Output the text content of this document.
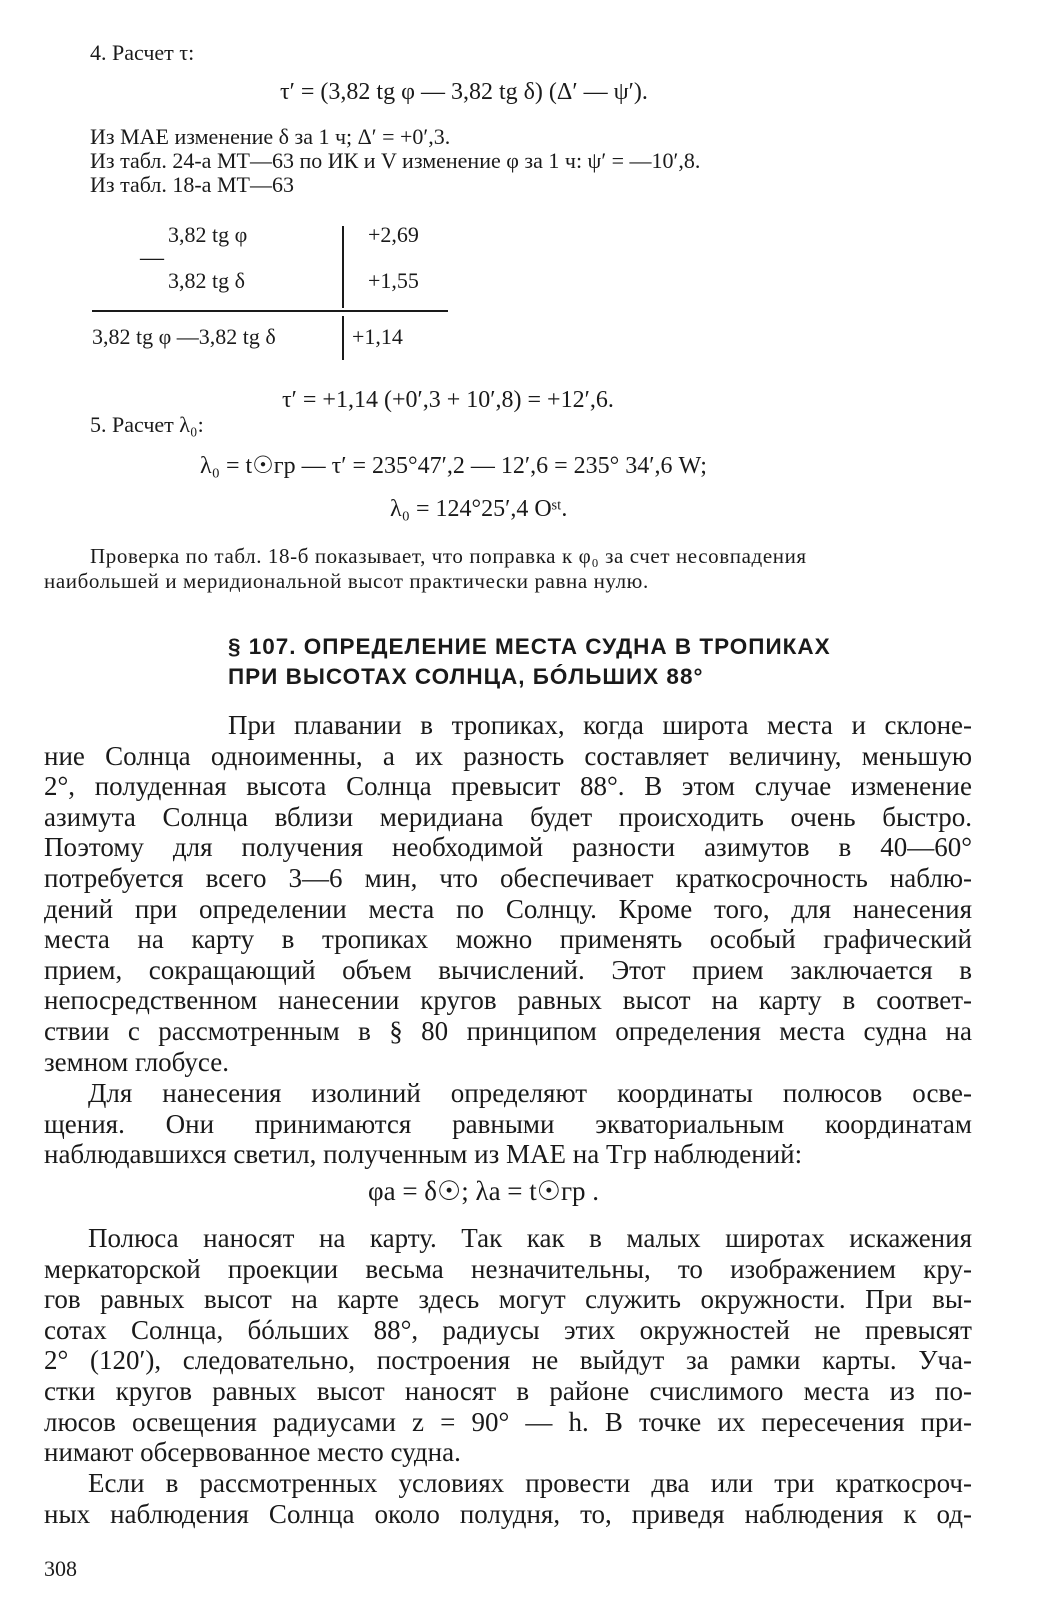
4. Расчет τ:
τ′ = (3,82 tg φ — 3,82 tg δ) (Δ′ — ψ′).
Из МАЕ изменение δ за 1 ч; Δ′ = +0′,3.
Из табл. 24-а МТ—63 по ИК и V изменение φ за 1 ч: ψ′ = —10′,8.
Из табл. 18-а МТ—63
3,82 tg φ	+2,69
—
3,82 tg δ	+1,55
3,82 tg φ —3,82 tg δ	+1,14
τ′ = +1,14 (+0′,3 + 10′,8) = +12′,6.
5. Расчет λ₀:
λ₀ = t☉гр — τ′ = 235°47′,2 — 12′,6 = 235° 34′,6 W;
λ₀ = 124°25′,4 Oˢᵗ.
Проверка по табл. 18-б показывает, что поправка к φ₀ за счет несовпадения
наибольшей и меридиональной высот практически равна нулю.
§ 107. ОПРЕДЕЛЕНИЕ МЕСТА СУДНА В ТРОПИКАХ
ПРИ ВЫСОТАХ СОЛНЦА, БÓЛЬШИХ 88°
При плавании в тропиках, когда широта места и склоне-
ние Солнца одноименны, а их разность составляет величину, меньшую
2°, полуденная высота Солнца превысит 88°. В этом случае изменение
азимута Солнца вблизи меридиана будет происходить очень быстро.
Поэтому для получения необходимой разности азимутов в 40—60°
потребуется всего 3—6 мин, что обеспечивает краткосрочность наблю-
дений при определении места по Солнцу. Кроме того, для нанесения
места на карту в тропиках можно применять особый графический
прием, сокращающий объем вычислений. Этот прием заключается в
непосредственном нанесении кругов равных высот на карту в соответ-
ствии с рассмотренным в § 80 принципом определения места судна на
земном глобусе.
Для нанесения изолиний определяют координаты полюсов осве-
щения. Они принимаются равными экваториальным координатам
наблюдавшихся светил, полученным из МАЕ на Tгр наблюдений:
φa = δ☉; λa = t☉гр .
Полюса наносят на карту. Так как в малых широтах искажения
меркаторской проекции весьма незначительны, то изображением кру-
гов равных высот на карте здесь могут служить окружности. При вы-
сотах Солнца, бóльших 88°, радиусы этих окружностей не превысят
2° (120′), следовательно, построения не выйдут за рамки карты. Уча-
стки кругов равных высот наносят в районе счислимого места из по-
люсов освещения радиусами z = 90° — h. В точке их пересечения при-
нимают обсервованное место судна.
Если в рассмотренных условиях провести два или три краткосроч-
ных наблюдения Солнца около полудня, то, приведя наблюдения к од-
308
